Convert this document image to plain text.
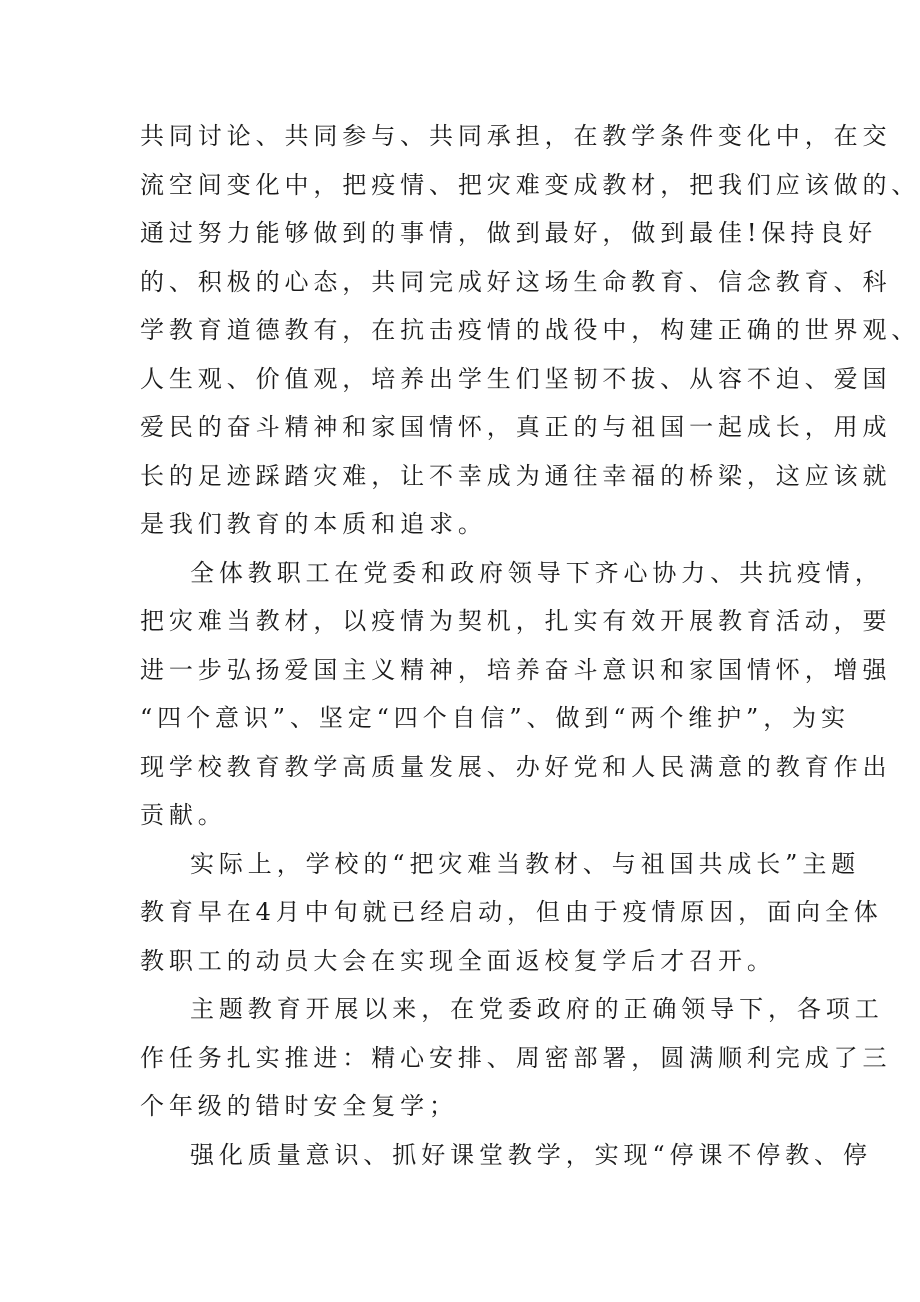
共同讨论、共同参与、共同承担，在教学条件变化中，在交
流空间变化中，把疫情、把灾难变成教材，把我们应该做的、
通过努力能够做到的事情，做到最好，做到最佳!保持良好
的、积极的心态，共同完成好这场生命教育、信念教育、科
学教育道德教有，在抗击疫情的战役中，构建正确的世界观、
人生观、价值观，培养出学生们坚韧不拔、从容不迫、爱国
爱民的奋斗精神和家国情怀，真正的与祖国一起成长，用成
长的足迹踩踏灾难，让不幸成为通往幸福的桥梁，这应该就
是我们教育的本质和追求。
全体教职工在党委和政府领导下齐心协力、共抗疫情，
把灾难当教材，以疫情为契机，扎实有效开展教育活动，要
进一步弘扬爱国主义精神，培养奋斗意识和家国情怀，增强
“四个意识”、坚定“四个自信”、做到“两个维护”，为实
现学校教育教学高质量发展、办好党和人民满意的教育作出
贡献。
实际上，学校的“把灾难当教材、与祖国共成长”主题
教育早在4月中旬就已经启动，但由于疫情原因，面向全体
教职工的动员大会在实现全面返校复学后才召开。
主题教育开展以来，在党委政府的正确领导下，各项工
作任务扎实推进：精心安排、周密部署，圆满顺利完成了三
个年级的错时安全复学；
强化质量意识、抓好课堂教学，实现“停课不停教、停
